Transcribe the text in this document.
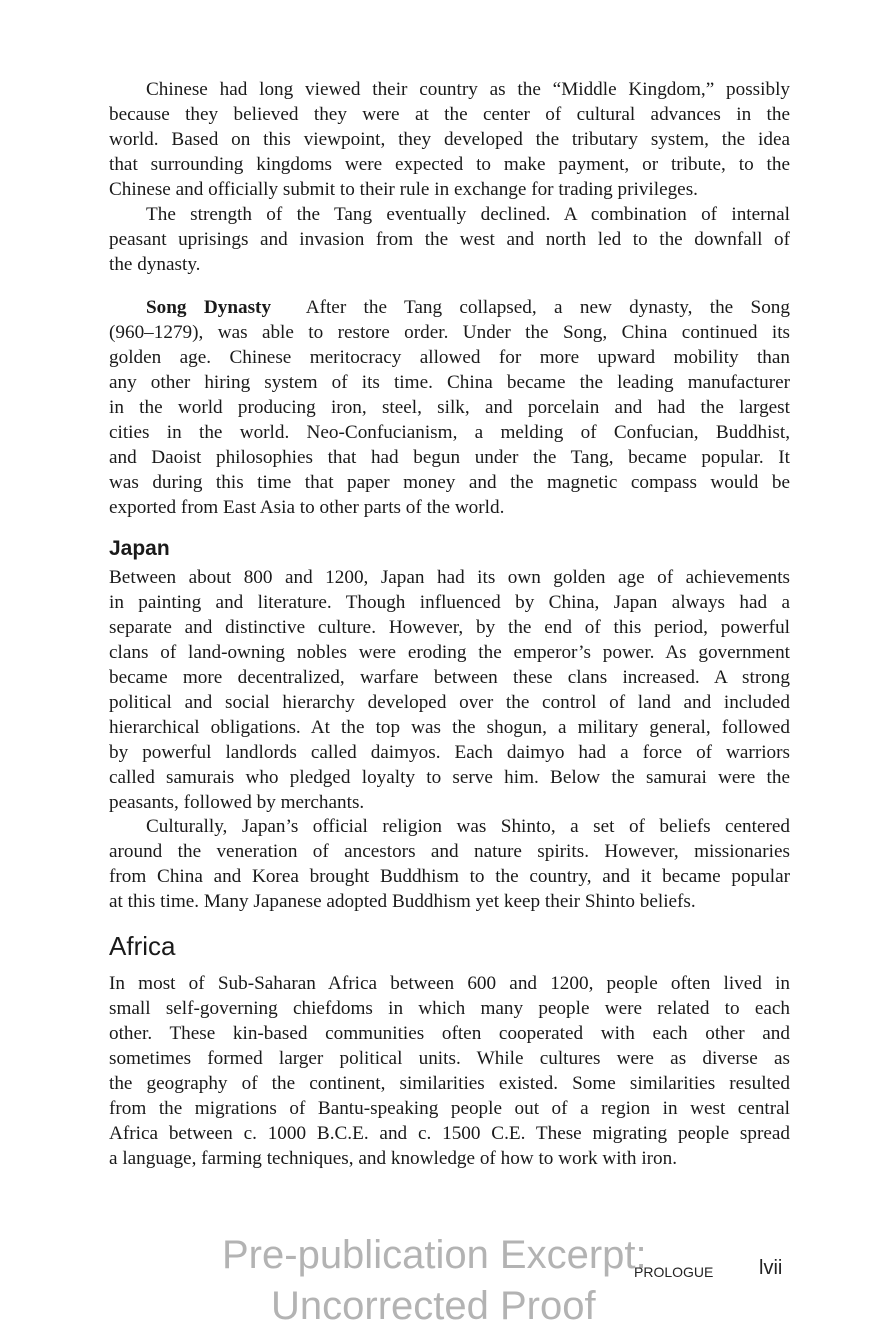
Chinese had long viewed their country as the “Middle Kingdom,” possibly
because they believed they were at the center of cultural advances in the
world. Based on this viewpoint, they developed the tributary system, the idea
that surrounding kingdoms were expected to make payment, or tribute, to the
Chinese and officially submit to their rule in exchange for trading privileges.
The strength of the Tang eventually declined. A combination of internal
peasant uprisings and invasion from the west and north led to the downfall of
the dynasty.
Song Dynasty After the Tang collapsed, a new dynasty, the Song
(960–1279), was able to restore order. Under the Song, China continued its
golden age. Chinese meritocracy allowed for more upward mobility than
any other hiring system of its time. China became the leading manufacturer
in the world producing iron, steel, silk, and porcelain and had the largest
cities in the world. Neo-Confucianism, a melding of Confucian, Buddhist,
and Daoist philosophies that had begun under the Tang, became popular. It
was during this time that paper money and the magnetic compass would be
exported from East Asia to other parts of the world.
Between about 800 and 1200, Japan had its own golden age of achievements
in painting and literature. Though influenced by China, Japan always had a
separate and distinctive culture. However, by the end of this period, powerful
clans of land-owning nobles were eroding the emperor’s power. As government
became more decentralized, warfare between these clans increased. A strong
political and social hierarchy developed over the control of land and included
hierarchical obligations. At the top was the shogun, a military general, followed
by powerful landlords called daimyos. Each daimyo had a force of warriors
called samurais who pledged loyalty to serve him. Below the samurai were the
peasants, followed by merchants.
Culturally, Japan’s official religion was Shinto, a set of beliefs centered
around the veneration of ancestors and nature spirits. However, missionaries
from China and Korea brought Buddhism to the country, and it became popular
at this time. Many Japanese adopted Buddhism yet keep their Shinto beliefs.
In most of Sub-Saharan Africa between 600 and 1200, people often lived in
small self-governing chiefdoms in which many people were related to each
other. These kin-based communities often cooperated with each other and
sometimes formed larger political units. While cultures were as diverse as
the geography of the continent, similarities existed. Some similarities resulted
from the migrations of Bantu-speaking people out of a region in west central
Africa between c. 1000 B.C.E. and c. 1500 C.E. These migrating people spread
a language, farming techniques, and knowledge of how to work with iron.
Japan
Africa
Pre-publication Excerpt:
Uncorrected Proof
PROLOGUE lvii
